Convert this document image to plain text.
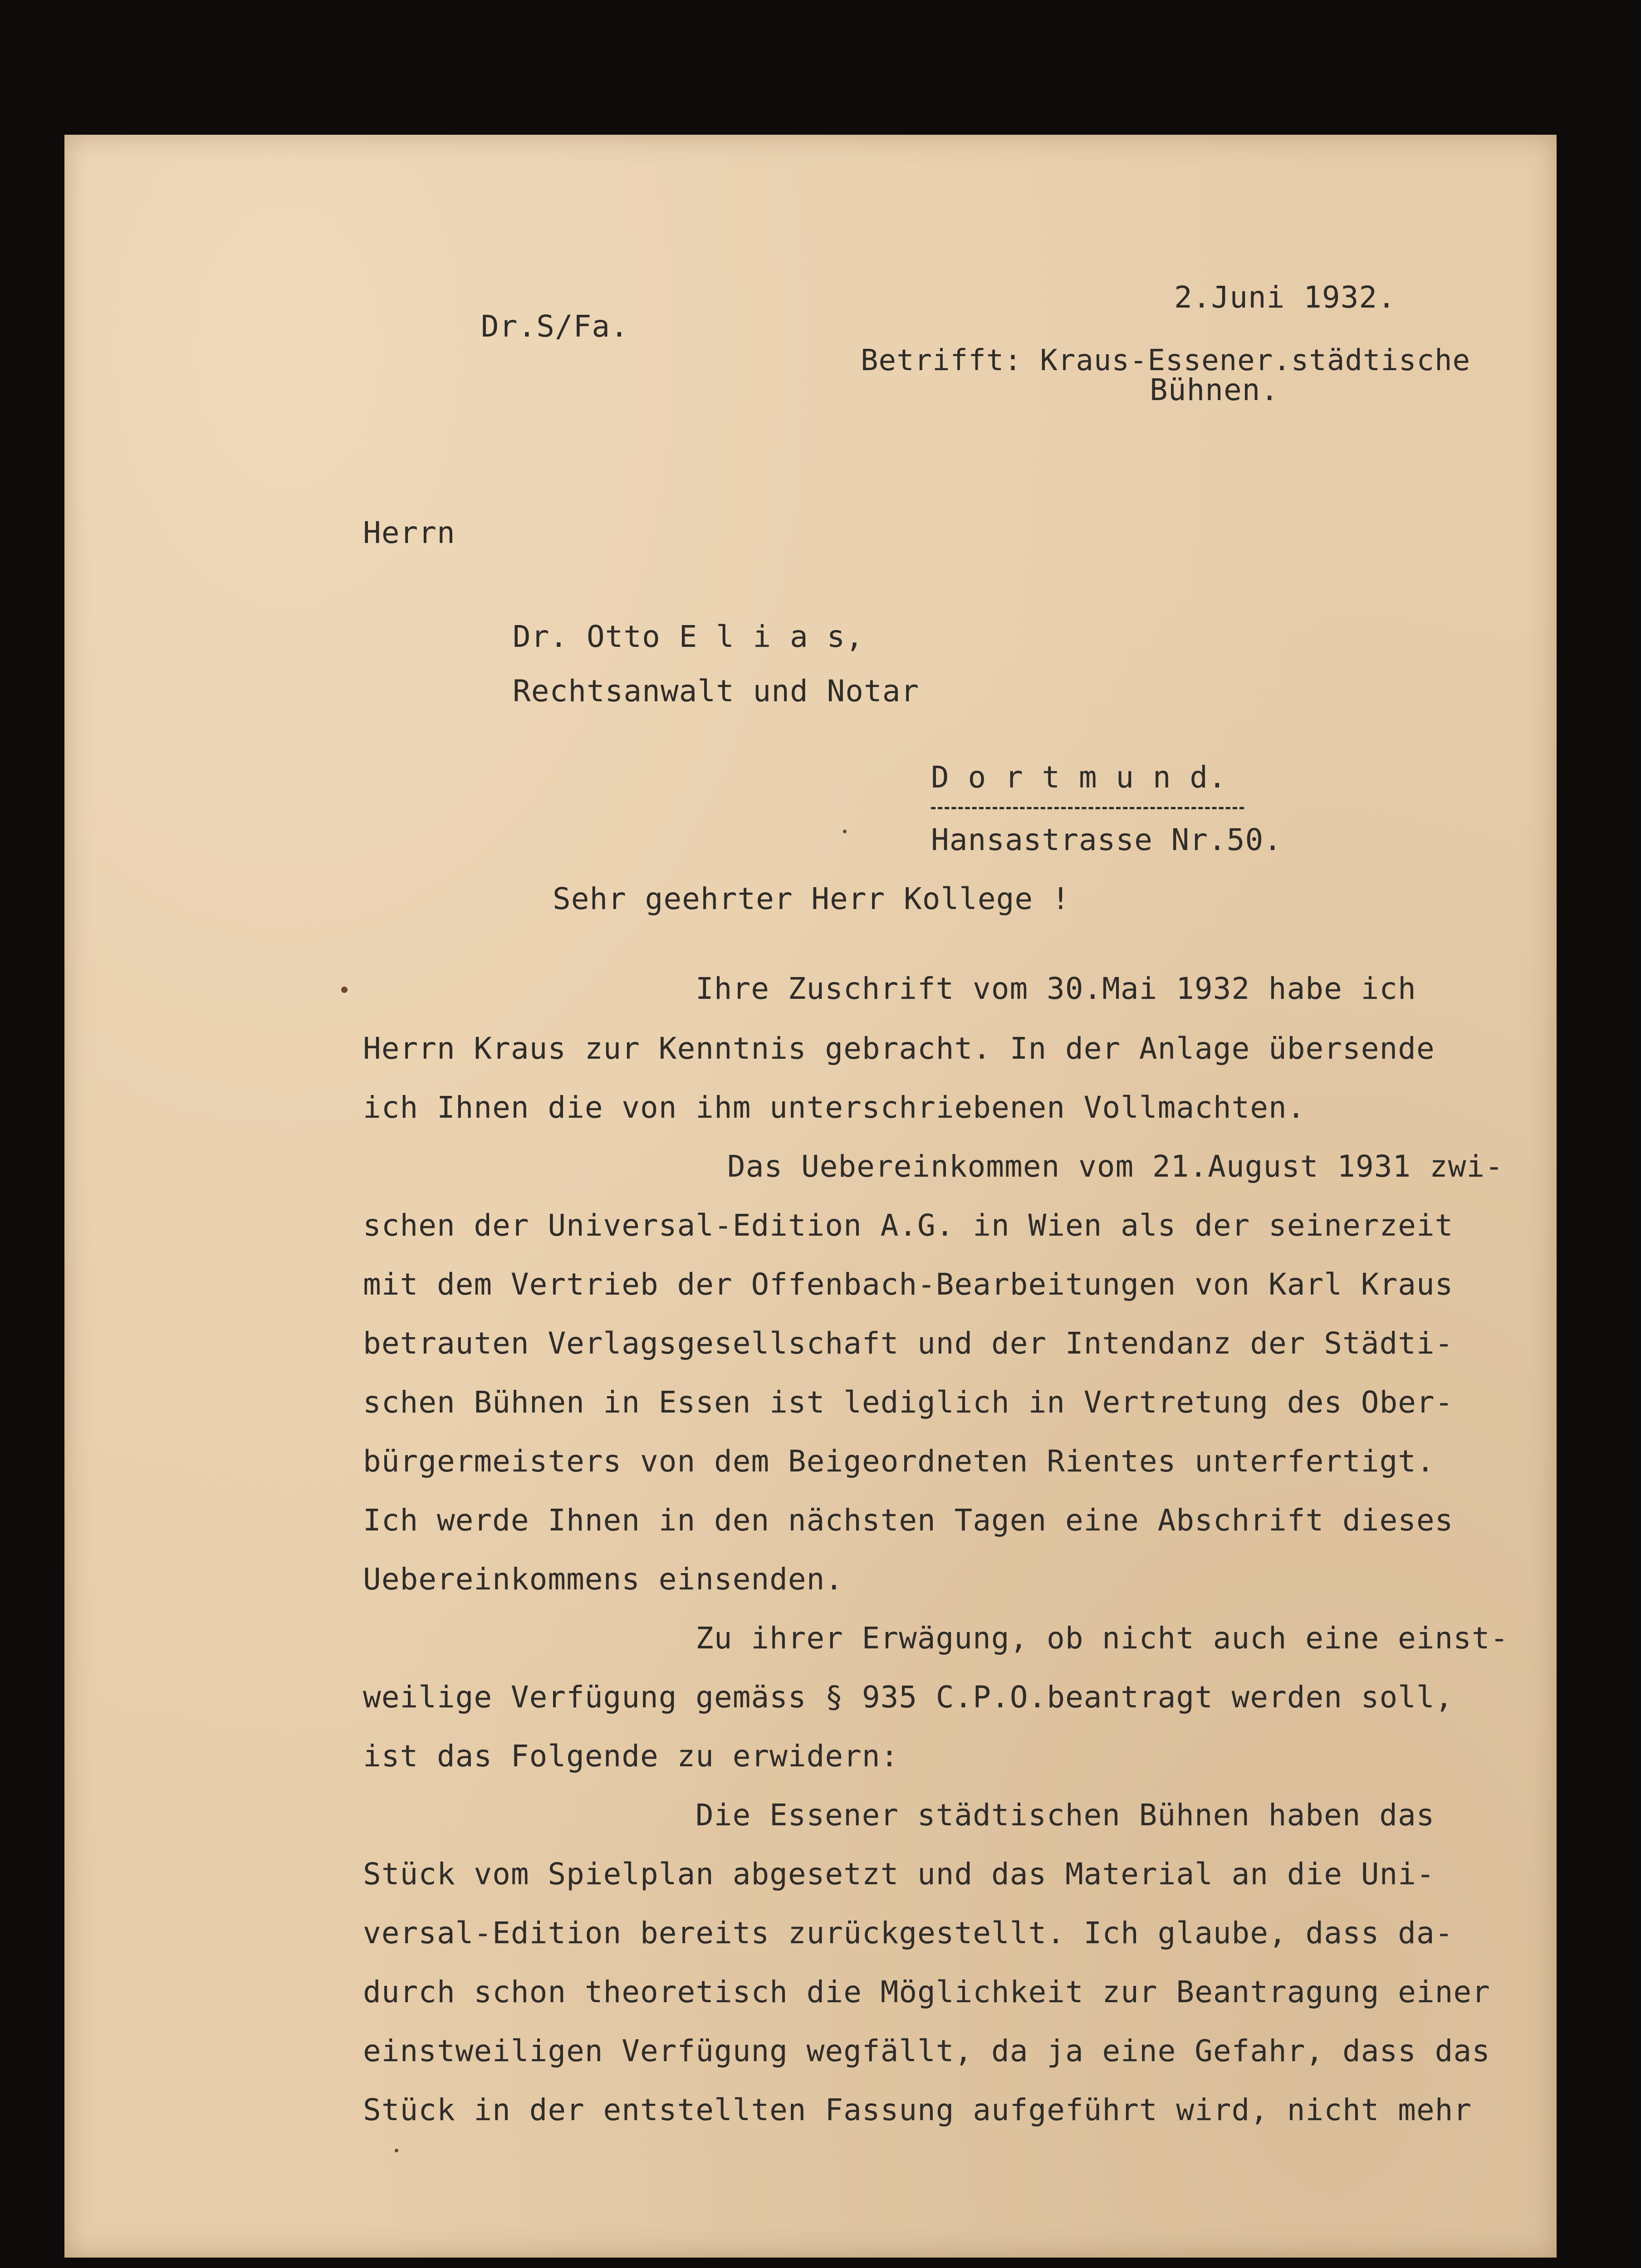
Dr.S/Fa.

2.Juni 1932.

Betrifft: Kraus-Essener.städtische

Bühnen.

Herrn

Dr. Otto E l i a s,

Rechtsanwalt und Notar

D o r t m u n d.

Hansastrasse Nr.50.

Sehr geehrter Herr Kollege !

Ihre Zuschrift vom 30.Mai 1932 habe ich

Herrn Kraus zur Kenntnis gebracht. In der Anlage übersende

ich Ihnen die von ihm unterschriebenen Vollmachten.

Das Uebereinkommen vom 21.August 1931 zwi-

schen der Universal-Edition A.G. in Wien als der seinerzeit

mit dem Vertrieb der Offenbach-Bearbeitungen von Karl Kraus

betrauten Verlagsgesellschaft und der Intendanz der Städti-

schen Bühnen in Essen ist lediglich in Vertretung des Ober-

bürgermeisters von dem Beigeordneten Rientes unterfertigt.

Ich werde Ihnen in den nächsten Tagen eine Abschrift dieses

Uebereinkommens einsenden.

Zu ihrer Erwägung, ob nicht auch eine einst-

weilige Verfügung gemäss § 935 C.P.O.beantragt werden soll,

ist das Folgende zu erwidern:

Die Essener städtischen Bühnen haben das

Stück vom Spielplan abgesetzt und das Material an die Uni-

versal-Edition bereits zurückgestellt. Ich glaube, dass da-

durch schon theoretisch die Möglichkeit zur Beantragung einer

einstweiligen Verfügung wegfällt, da ja eine Gefahr, dass das

Stück in der entstellten Fassung aufgeführt wird, nicht mehr
